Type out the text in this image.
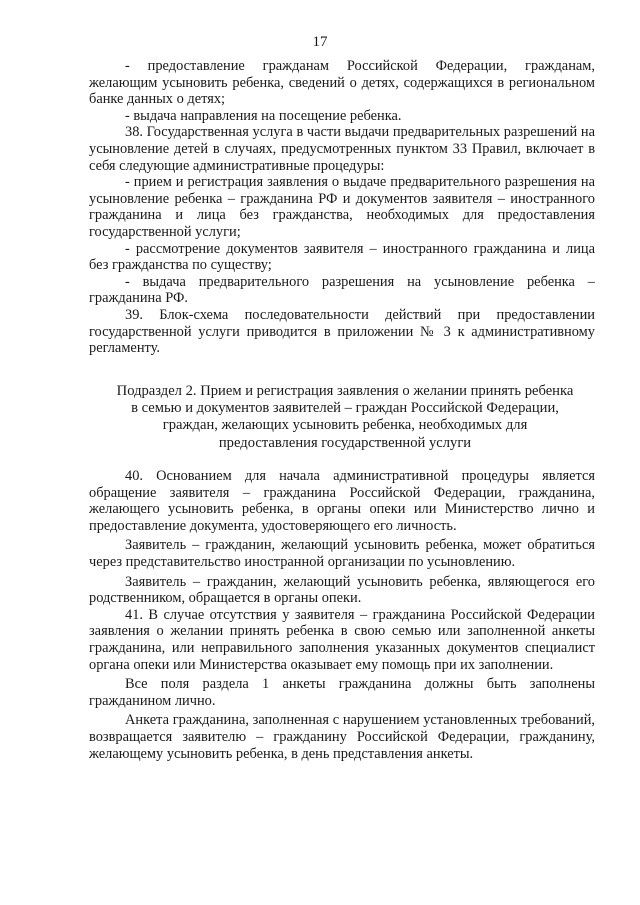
17

- предоставление гражданам Российской Федерации, гражданам, желающим усыновить ребенка, сведений о детях, содержащихся в региональном банке данных о детях;

- выдача направления на посещение ребенка.

38. Государственная услуга в части выдачи предварительных разрешений на усыновление детей в случаях, предусмотренных пунктом 33 Правил, включает в себя следующие административные процедуры:

- прием и регистрация заявления о выдаче предварительного разрешения на усыновление ребенка – гражданина РФ и документов заявителя – иностранного гражданина и лица без гражданства, необходимых для предоставления государственной услуги;

- рассмотрение документов заявителя – иностранного гражданина и лица без гражданства по существу;

- выдача предварительного разрешения на усыновление ребенка – гражданина РФ.

39. Блок-схема последовательности действий при предоставлении государственной услуги приводится в приложении № 3 к административному регламенту.

Подраздел 2. Прием и регистрация заявления о желании принять ребенка
в семью и документов заявителей – граждан Российской Федерации,
граждан, желающих усыновить ребенка, необходимых для
предоставления государственной услуги

40. Основанием для начала административной процедуры является обращение заявителя – гражданина Российской Федерации, гражданина, желающего усыновить ребенка, в органы опеки или Министерство лично и предоставление документа, удостоверяющего его личность.

Заявитель – гражданин, желающий усыновить ребенка, может обратиться через представительство иностранной организации по усыновлению.

Заявитель – гражданин, желающий усыновить ребенка, являющегося его родственником, обращается в органы опеки.

41. В случае отсутствия у заявителя – гражданина Российской Федерации заявления о желании принять ребенка в свою семью или заполненной анкеты гражданина, или неправильного заполнения указанных документов специалист органа опеки или Министерства оказывает ему помощь при их заполнении.

Все поля раздела 1 анкеты гражданина должны быть заполнены гражданином лично.

Анкета гражданина, заполненная с нарушением установленных требований, возвращается заявителю – гражданину Российской Федерации, гражданину, желающему усыновить ребенка, в день представления анкеты.
